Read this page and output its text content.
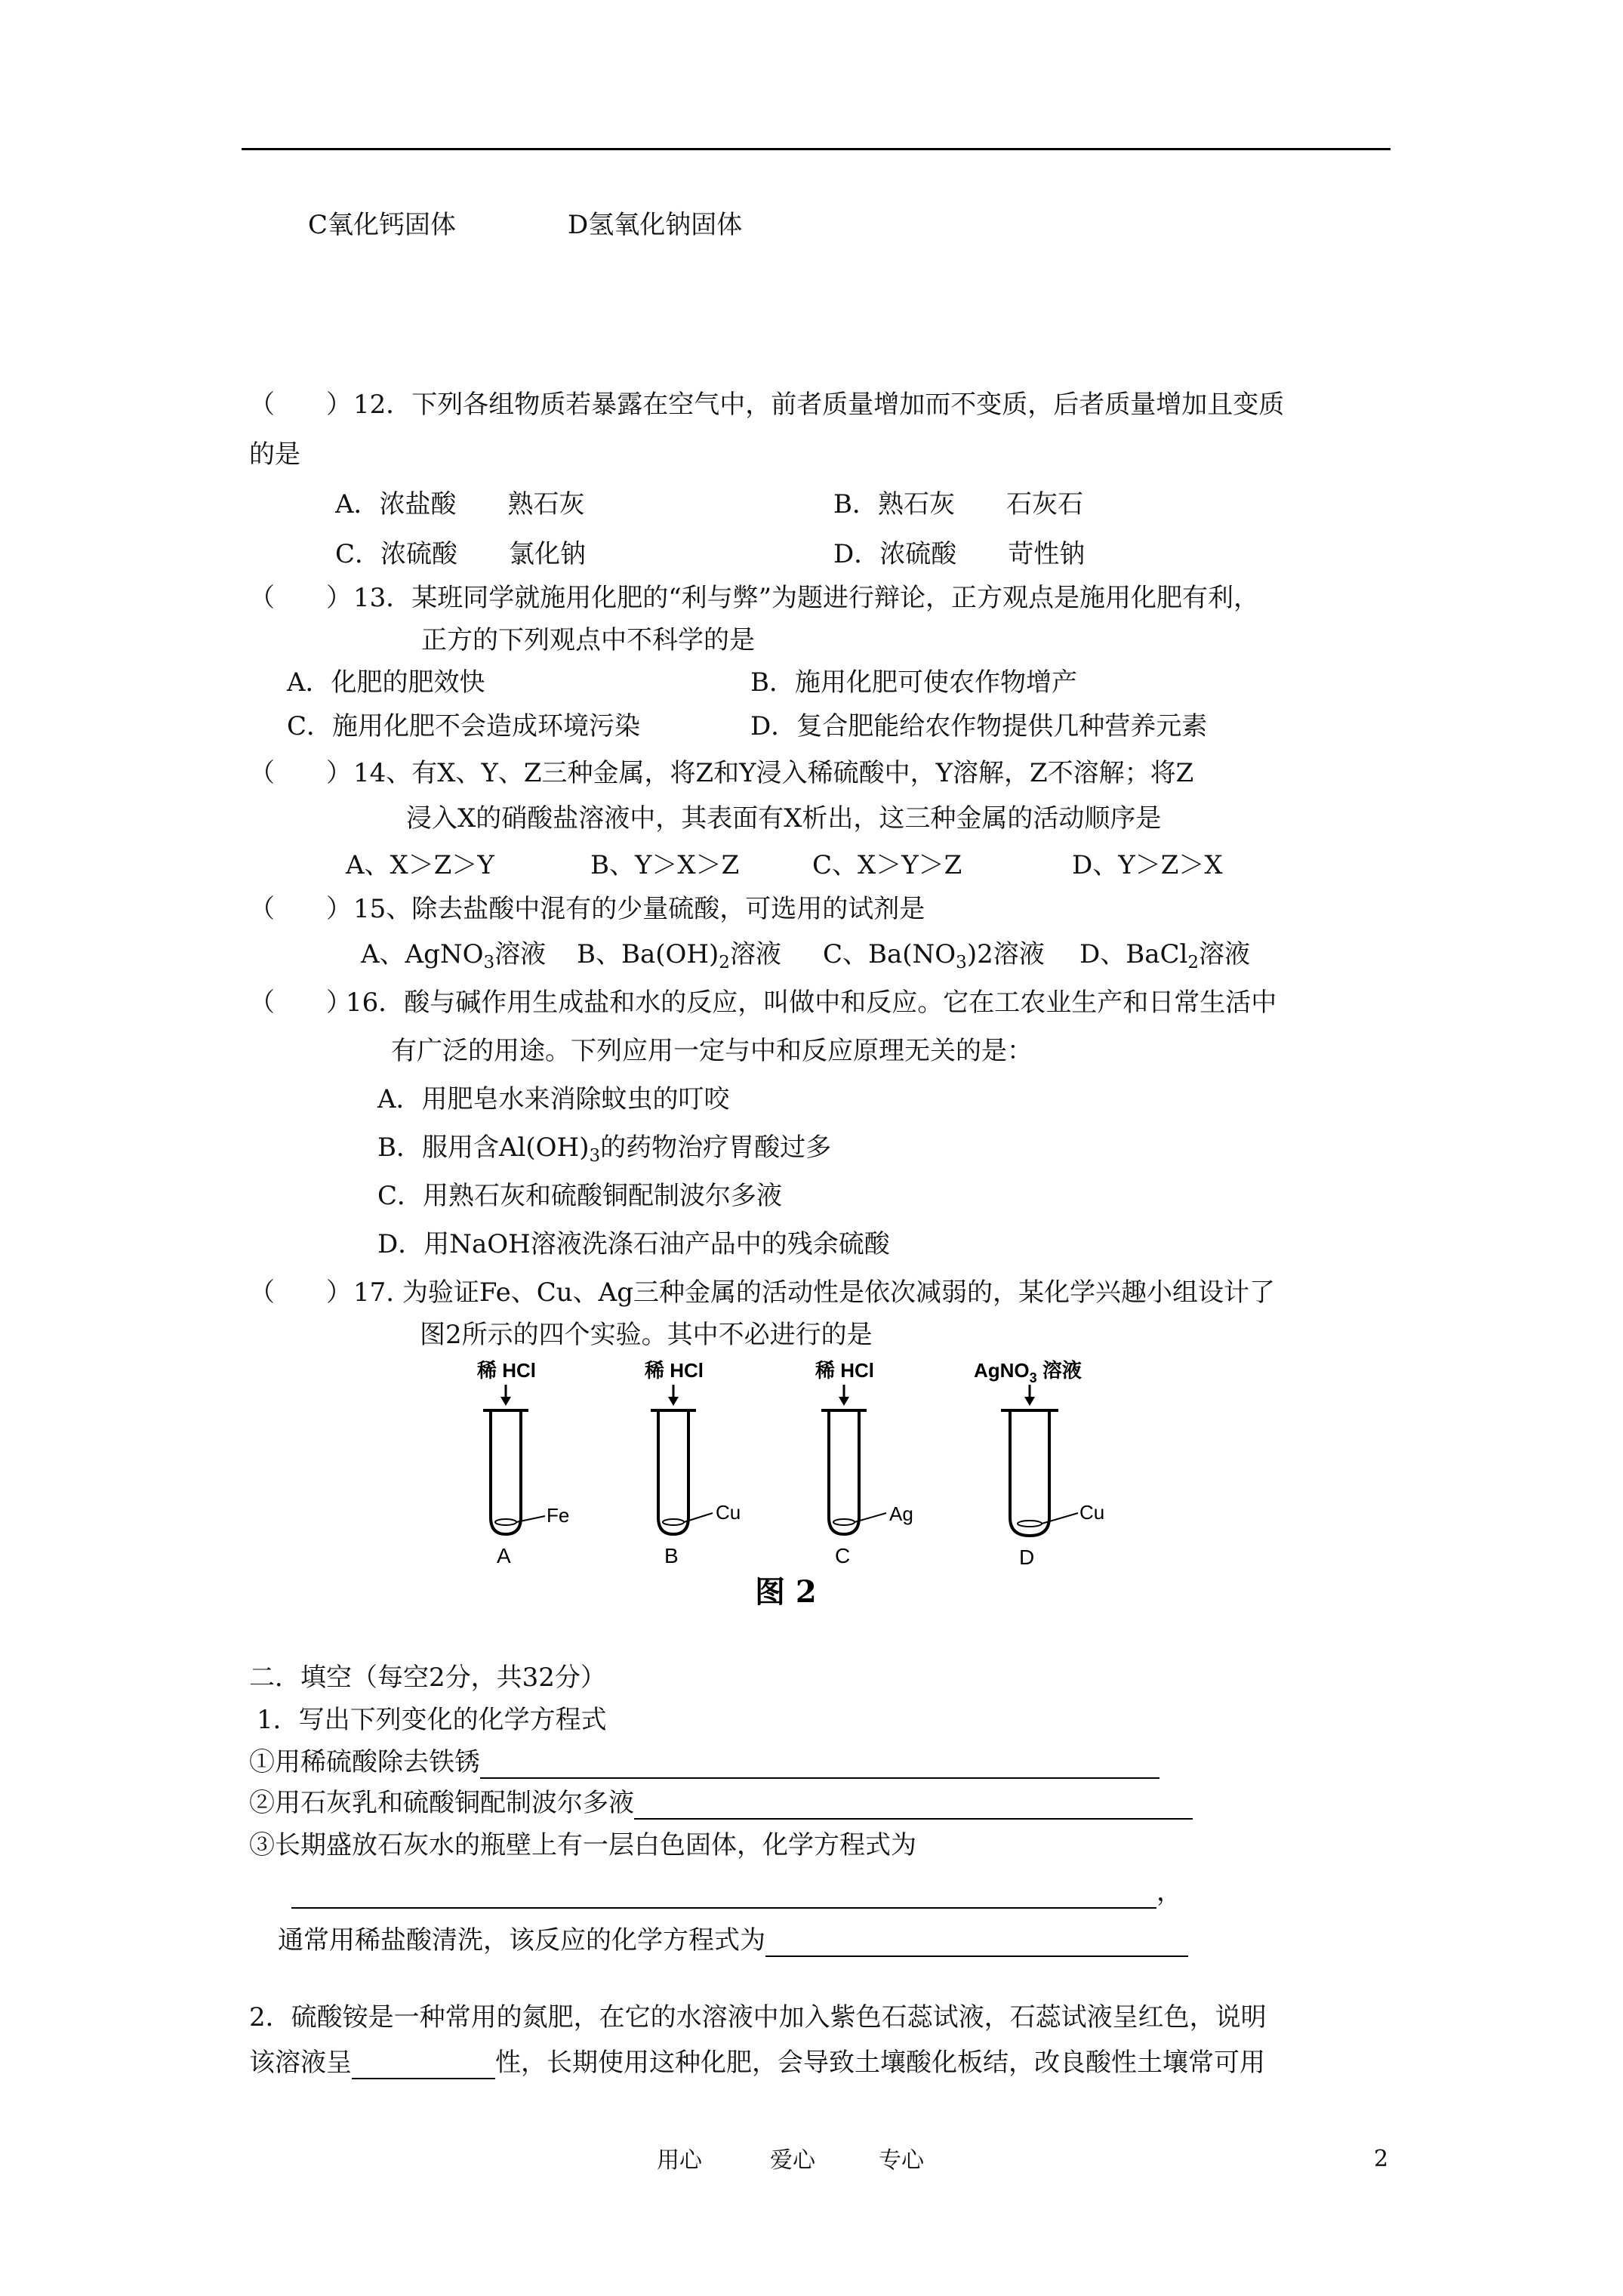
C氧化钙固体	D氢氧化钠固体
（　　） 12．下列各组物质若暴露在空气中，前者质量增加而不变质，后者质量增加且变质
的是
A．浓盐酸　　熟石灰	B．熟石灰　　石灰石
C．浓硫酸　　氯化钠	D．浓硫酸　　苛性钠
（　　） 13．某班同学就施用化肥的“利与弊”为题进行辩论，正方观点是施用化肥有利，
正方的下列观点中不科学的是
A．化肥的肥效快	B．施用化肥可使农作物增产
C．施用化肥不会造成环境污染	D．复合肥能给农作物提供几种营养元素
（　　） 14、有X、Y、Z三种金属，将Z和Y浸入稀硫酸中，Y溶解，Z不溶解；将Z
浸入X的硝酸盐溶液中，其表面有X析出，这三种金属的活动顺序是
A、X＞Z＞Y	B、Y＞X＞Z	C、X＞Y＞Z	D、Y＞Z＞X
（　　） 15、除去盐酸中混有的少量硫酸，可选用的试剂是
A、AgNO$_3$溶液 B、$Ba(OH)_2$溶液 C、$Ba(NO_3)2$溶液 D、BaCl$_2$溶液
（　　）
16．酸与碱作用生成盐和水的反应，叫做中和反应。它在工农业生产和日常生活中
有广泛的用途。下列应用一定与中和反应原理无关的是：
A．用肥皂水来消除蚊虫的叮咬
B．服用含$Al(OH)_3$的药物治疗胃酸过多
C．用熟石灰和硫酸铜配制波尔多液
D．用NaOH溶液洗涤石油产品中的残余硫酸
（　　） 17. 为验证Fe、Cu、Ag三种金属的活动性是依次减弱的，某化学兴趣小组设计了
图2所示的四个实验。其中不必进行的是
稀 HCl
Fe
A
稀 HCl
Cu
B
稀 HCl
Ag
C
AgNO$_3$ 溶液
Cu
D
图 2
二．填空（每空2分，共32分）
1．写出下列变化的化学方程式
①用稀硫酸除去铁锈
②用石灰乳和硫酸铜配制波尔多液
③长期盛放石灰水的瓶壁上有一层白色固体，化学方程式为
，
通常用稀盐酸清洗，该反应的化学方程式为
2．硫酸铵是一种常用的氮肥，在它的水溶液中加入紫色石蕊试液，石蕊试液呈红色，说明
该溶液呈	性，长期使用这种化肥，会导致土壤酸化板结，改良酸性土壤常可用
用心	爱心	专心	2
